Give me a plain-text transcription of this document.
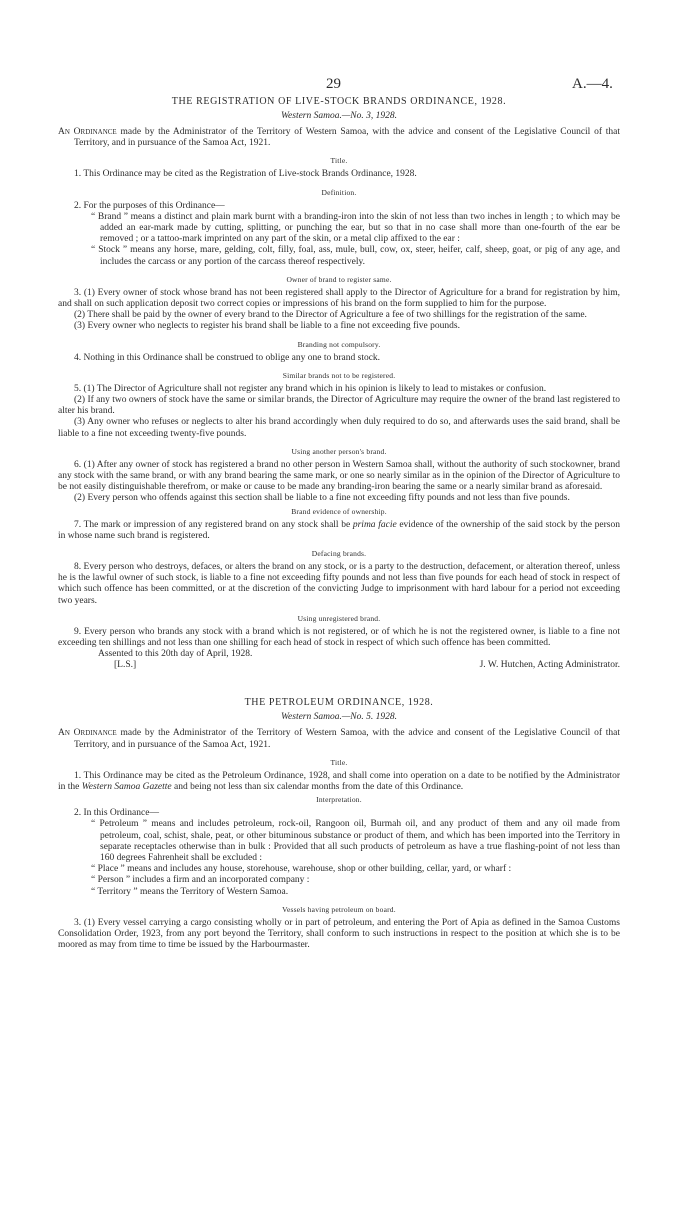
29	A.—4.
THE REGISTRATION OF LIVE-STOCK BRANDS ORDINANCE, 1928.
Western Samoa.—No. 3, 1928.

An Ordinance made by the Administrator of the Territory of Western Samoa, with the advice and consent of the Legislative Council of that Territory, and in pursuance of the Samoa Act, 1921.

Title.

1. This Ordinance may be cited as the Registration of Live-stock Brands Ordinance, 1928.

Definition.

2. For the purposes of this Ordinance—

“ Brand ” means a distinct and plain mark burnt with a branding-iron into the skin of not less than two inches in length ; to which may be added an ear-mark made by cutting, splitting, or punching the ear, but so that in no case shall more than one-fourth of the ear be removed ; or a tattoo-mark imprinted on any part of the skin, or a metal clip affixed to the ear :

“ Stock ” means any horse, mare, gelding, colt, filly, foal, ass, mule, bull, cow, ox, steer, heifer, calf, sheep, goat, or pig of any age, and includes the carcass or any portion of the carcass thereof respectively.

Owner of brand to register same.

3. (1) Every owner of stock whose brand has not been registered shall apply to the Director of Agriculture for a brand for registration by him, and shall on such application deposit two correct copies or impressions of his brand on the form supplied to him for the purpose.

(2) There shall be paid by the owner of every brand to the Director of Agriculture a fee of two shillings for the registration of the same.

(3) Every owner who neglects to register his brand shall be liable to a fine not exceeding five pounds.

Branding not compulsory.

4. Nothing in this Ordinance shall be construed to oblige any one to brand stock.

Similar brands not to be registered.

5. (1) The Director of Agriculture shall not register any brand which in his opinion is likely to lead to mistakes or confusion.

(2) If any two owners of stock have the same or similar brands, the Director of Agriculture may require the owner of the brand last registered to alter his brand.

(3) Any owner who refuses or neglects to alter his brand accordingly when duly required to do so, and afterwards uses the said brand, shall be liable to a fine not exceeding twenty-five pounds.

Using another person's brand.

6. (1) After any owner of stock has registered a brand no other person in Western Samoa shall, without the authority of such stockowner, brand any stock with the same brand, or with any brand bearing the same mark, or one so nearly similar as in the opinion of the Director of Agriculture to be not easily distinguishable therefrom, or make or cause to be made any branding-iron bearing the same or a nearly similar brand as aforesaid.

(2) Every person who offends against this section shall be liable to a fine not exceeding fifty pounds and not less than five pounds.

Brand evidence of ownership.

7. The mark or impression of any registered brand on any stock shall be prima facie evidence of the ownership of the said stock by the person in whose name such brand is registered.

Defacing brands.

8. Every person who destroys, defaces, or alters the brand on any stock, or is a party to the destruction, defacement, or alteration thereof, unless he is the lawful owner of such stock, is liable to a fine not exceeding fifty pounds and not less than five pounds for each head of stock in respect of which such offence has been committed, or at the discretion of the convicting Judge to imprisonment with hard labour for a period not exceeding two years.

Using unregistered brand.

9. Every person who brands any stock with a brand which is not registered, or of which he is not the registered owner, is liable to a fine not exceeding ten shillings and not less than one shilling for each head of stock in respect of which such offence has been committed.

Assented to this 20th day of April, 1928.
[L.S.]	J. W. Hutchen, Acting Administrator.
THE PETROLEUM ORDINANCE, 1928.
Western Samoa.—No. 5. 1928.

An Ordinance made by the Administrator of the Territory of Western Samoa, with the advice and consent of the Legislative Council of that Territory, and in pursuance of the Samoa Act, 1921.

Title.

1. This Ordinance may be cited as the Petroleum Ordinance, 1928, and shall come into operation on a date to be notified by the Administrator in the Western Samoa Gazette and being not less than six calendar months from the date of this Ordinance.

Interpretation.

2. In this Ordinance—

“ Petroleum ” means and includes petroleum, rock-oil, Rangoon oil, Burmah oil, and any product of them and any oil made from petroleum, coal, schist, shale, peat, or other bituminous substance or product of them, and which has been imported into the Territory in separate receptacles otherwise than in bulk : Provided that all such products of petroleum as have a true flashing-point of not less than 160 degrees Fahrenheit shall be excluded :

“ Place ” means and includes any house, storehouse, warehouse, shop or other building, cellar, yard, or wharf :

“ Person ” includes a firm and an incorporated company :

“ Territory ” means the Territory of Western Samoa.

Vessels having petroleum on board.

3. (1) Every vessel carrying a cargo consisting wholly or in part of petroleum, and entering the Port of Apia as defined in the Samoa Customs Consolidation Order, 1923, from any port beyond the Territory, shall conform to such instructions in respect to the position at which she is to be moored as may from time to time be issued by the Harbourmaster.
